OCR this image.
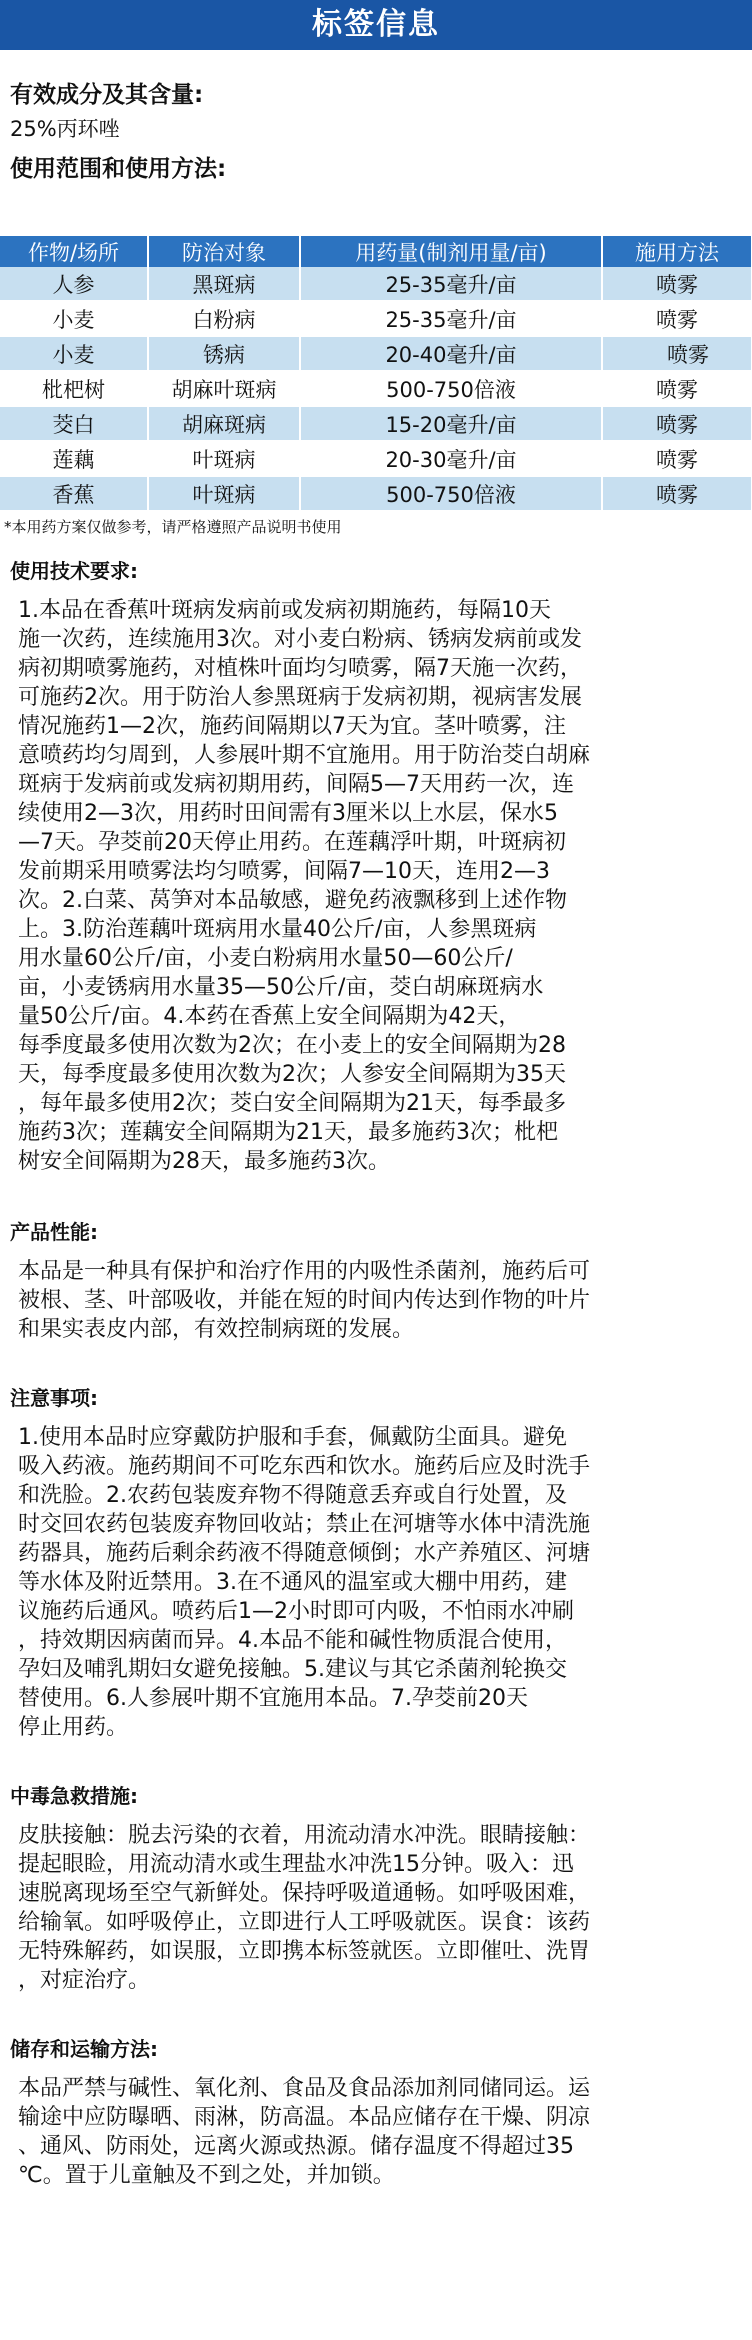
标签信息
有效成分及其含量:
25%丙环唑
使用范围和使用方法:
作物/场所	防治对象	用药量(制剂用量/亩)	施用方法
人参	黑斑病	25-35毫升/亩	喷雾
小麦	白粉病	25-35毫升/亩	喷雾
小麦	锈病	20-40毫升/亩	喷雾
枇杷树	胡麻叶斑病	500-750倍液	喷雾
茭白	胡麻斑病	15-20毫升/亩	喷雾
莲藕	叶斑病	20-30毫升/亩	喷雾
香蕉	叶斑病	500-750倍液	喷雾
*本用药方案仅做参考，请严格遵照产品说明书使用
使用技术要求:

1.本品在香蕉叶斑病发病前或发病初期施药，每隔10天
施一次药，连续施用3次。对小麦白粉病、锈病发病前或发
病初期喷雾施药，对植株叶面均匀喷雾，隔7天施一次药，
可施药2次。用于防治人参黑斑病于发病初期，视病害发展
情况施药1—2次，施药间隔期以7天为宜。茎叶喷雾，注
意喷药均匀周到，人参展叶期不宜施用。用于防治茭白胡麻
斑病于发病前或发病初期用药，间隔5—7天用药一次，连
续使用2—3次，用药时田间需有3厘米以上水层，保水5
—7天。孕茭前20天停止用药。在莲藕浮叶期，叶斑病初
发前期采用喷雾法均匀喷雾，间隔7—10天，连用2—3
次。2.白菜、莴笋对本品敏感，避免药液飘移到上述作物
上。3.防治莲藕叶斑病用水量40公斤/亩，人参黑斑病
用水量60公斤/亩，小麦白粉病用水量50—60公斤/
亩，小麦锈病用水量35—50公斤/亩，茭白胡麻斑病水
量50公斤/亩。4.本药在香蕉上安全间隔期为42天，
每季度最多使用次数为2次；在小麦上的安全间隔期为28
天，每季度最多使用次数为2次；人参安全间隔期为35天
，每年最多使用2次；茭白安全间隔期为21天，每季最多
施药3次；莲藕安全间隔期为21天，最多施药3次；枇杷
树安全间隔期为28天，最多施药3次。

产品性能:

本品是一种具有保护和治疗作用的内吸性杀菌剂，施药后可
被根、茎、叶部吸收，并能在短的时间内传达到作物的叶片
和果实表皮内部，有效控制病斑的发展。

注意事项:

1.使用本品时应穿戴防护服和手套，佩戴防尘面具。避免
吸入药液。施药期间不可吃东西和饮水。施药后应及时洗手
和洗脸。2.农药包装废弃物不得随意丢弃或自行处置，及
时交回农药包装废弃物回收站；禁止在河塘等水体中清洗施
药器具，施药后剩余药液不得随意倾倒；水产养殖区、河塘
等水体及附近禁用。3.在不通风的温室或大棚中用药，建
议施药后通风。喷药后1—2小时即可内吸，不怕雨水冲刷
，持效期因病菌而异。4.本品不能和碱性物质混合使用，
孕妇及哺乳期妇女避免接触。5.建议与其它杀菌剂轮换交
替使用。6.人参展叶期不宜施用本品。7.孕茭前20天
停止用药。

中毒急救措施:

皮肤接触：脱去污染的衣着，用流动清水冲洗。眼睛接触：
提起眼睑，用流动清水或生理盐水冲洗15分钟。吸入：迅
速脱离现场至空气新鲜处。保持呼吸道通畅。如呼吸困难，
给输氧。如呼吸停止，立即进行人工呼吸就医。误食：该药
无特殊解药，如误服，立即携本标签就医。立即催吐、洗胃
，对症治疗。

储存和运输方法:

本品严禁与碱性、氧化剂、食品及食品添加剂同储同运。运
输途中应防曝晒、雨淋，防高温。本品应储存在干燥、阴凉
、通风、防雨处，远离火源或热源。储存温度不得超过35
℃。置于儿童触及不到之处，并加锁。
